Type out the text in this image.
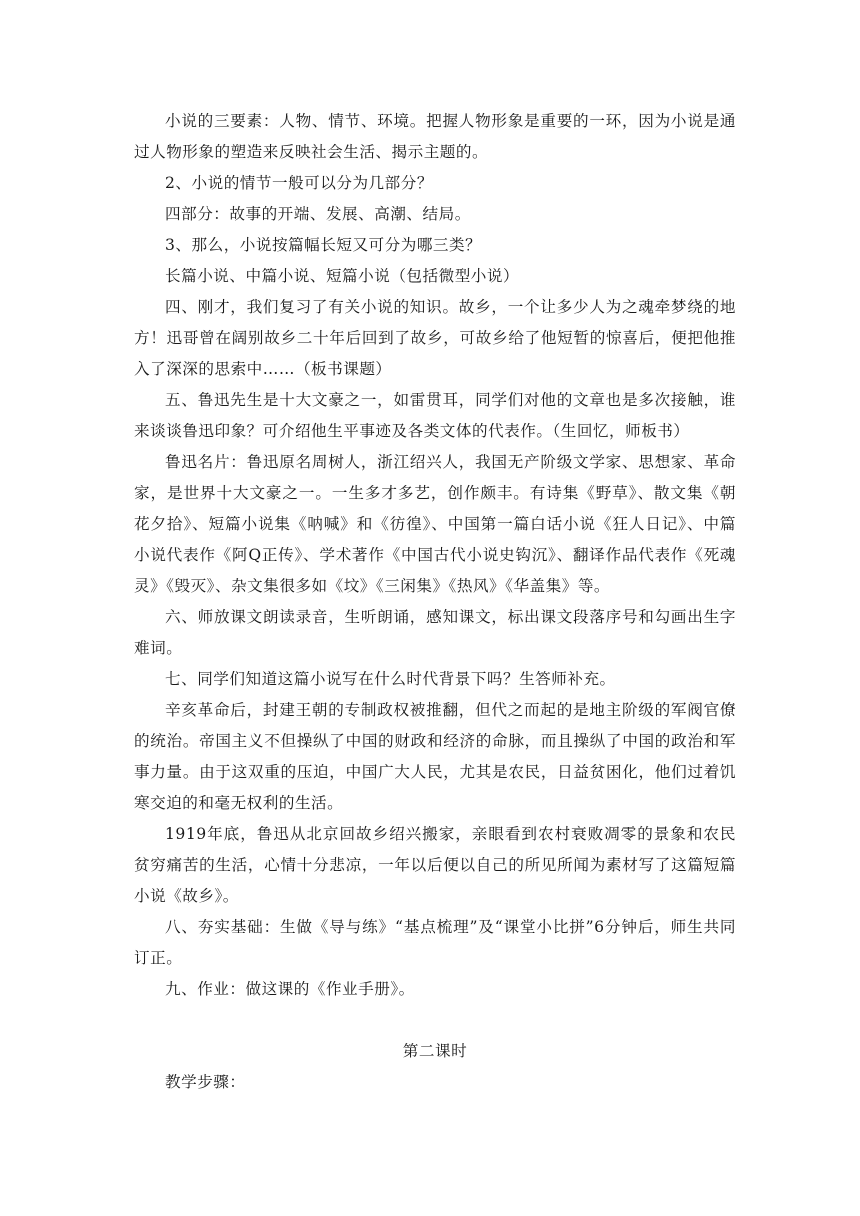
小说的三要素：人物、情节、环境。把握人物形象是重要的一环，因为小说是通过人物形象的塑造来反映社会生活、揭示主题的。

2、小说的情节一般可以分为几部分？

四部分：故事的开端、发展、高潮、结局。

3、那么，小说按篇幅长短又可分为哪三类？

长篇小说、中篇小说、短篇小说（包括微型小说）

四、刚才，我们复习了有关小说的知识。故乡，一个让多少人为之魂牵梦绕的地方！迅哥曾在阔别故乡二十年后回到了故乡，可故乡给了他短暂的惊喜后，便把他推入了深深的思索中……（板书课题）

五、鲁迅先生是十大文豪之一，如雷贯耳，同学们对他的文章也是多次接触，谁来谈谈鲁迅印象？可介绍他生平事迹及各类文体的代表作。（生回忆，师板书）

鲁迅名片：鲁迅原名周树人，浙江绍兴人，我国无产阶级文学家、思想家、革命家，是世界十大文豪之一。一生多才多艺，创作颇丰。有诗集《野草》、散文集《朝花夕拾》、短篇小说集《呐喊》和《彷徨》、中国第一篇白话小说《狂人日记》、中篇小说代表作《阿Q正传》、学术著作《中国古代小说史钩沉》、翻译作品代表作《死魂灵》《毁灭》、杂文集很多如《坟》《三闲集》《热风》《华盖集》等。

六、师放课文朗读录音，生听朗诵，感知课文，标出课文段落序号和勾画出生字难词。

七、同学们知道这篇小说写在什么时代背景下吗？生答师补充。

辛亥革命后，封建王朝的专制政权被推翻，但代之而起的是地主阶级的军阀官僚的统治。帝国主义不但操纵了中国的财政和经济的命脉，而且操纵了中国的政治和军事力量。由于这双重的压迫，中国广大人民，尤其是农民，日益贫困化，他们过着饥寒交迫的和毫无权利的生活。

1919年底，鲁迅从北京回故乡绍兴搬家，亲眼看到农村衰败凋零的景象和农民贫穷痛苦的生活，心情十分悲凉，一年以后便以自己的所见所闻为素材写了这篇短篇小说《故乡》。

八、夯实基础：生做《导与练》“基点梳理”及“课堂小比拼”6分钟后，师生共同订正。

九、作业：做这课的《作业手册》。

第二课时

教学步骤：
